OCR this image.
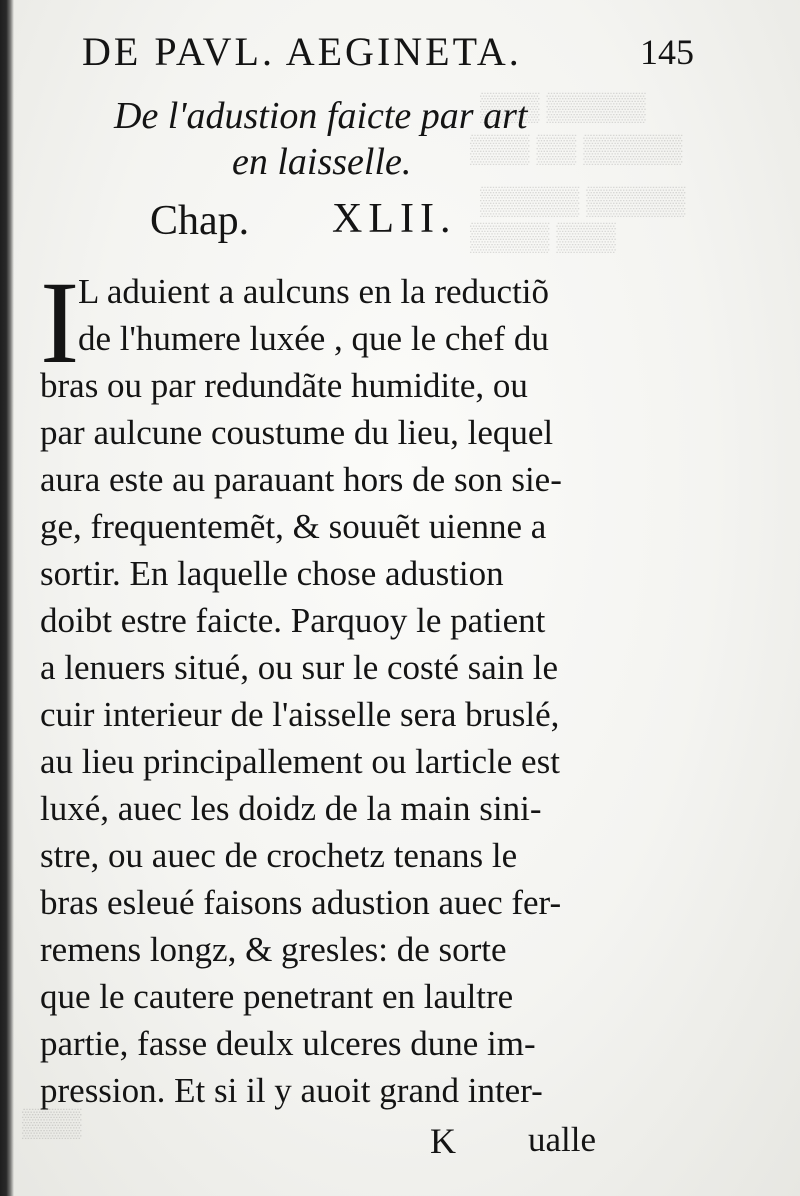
▒▒▒ ▒▒▒▒▒
▒▒▒ ▒▒ ▒▒▒▒▒
▒▒▒▒▒ ▒▒▒▒▒
▒▒▒▒ ▒▒▒
▒▒▒
DE PAVL. AEGINETA.	145
De l'adustion faicte par art
en laisselle.
Chap. XLII.
I
L aduient a aulcuns en la reductiõ
de l'humere luxée , que le chef du
bras ou par redundãte humidite, ou
par aulcune coustume du lieu, lequel
aura este au parauant hors de son sie-
ge, frequentemẽt, & souuẽt uienne a
sortir. En laquelle chose adustion
doibt estre faicte. Parquoy le patient
a lenuers situé, ou sur le costé sain le
cuir interieur de l'aisselle sera bruslé,
au lieu principallement ou larticle est
luxé, auec les doidz de la main sini-
stre, ou auec de crochetz tenans le
bras esleué faisons adustion auec fer-
remens longz, & gresles: de sorte
que le cautere penetrant en laultre
partie, fasse deulx ulceres dune im-
pression. Et si il y auoit grand inter-
K ualle
